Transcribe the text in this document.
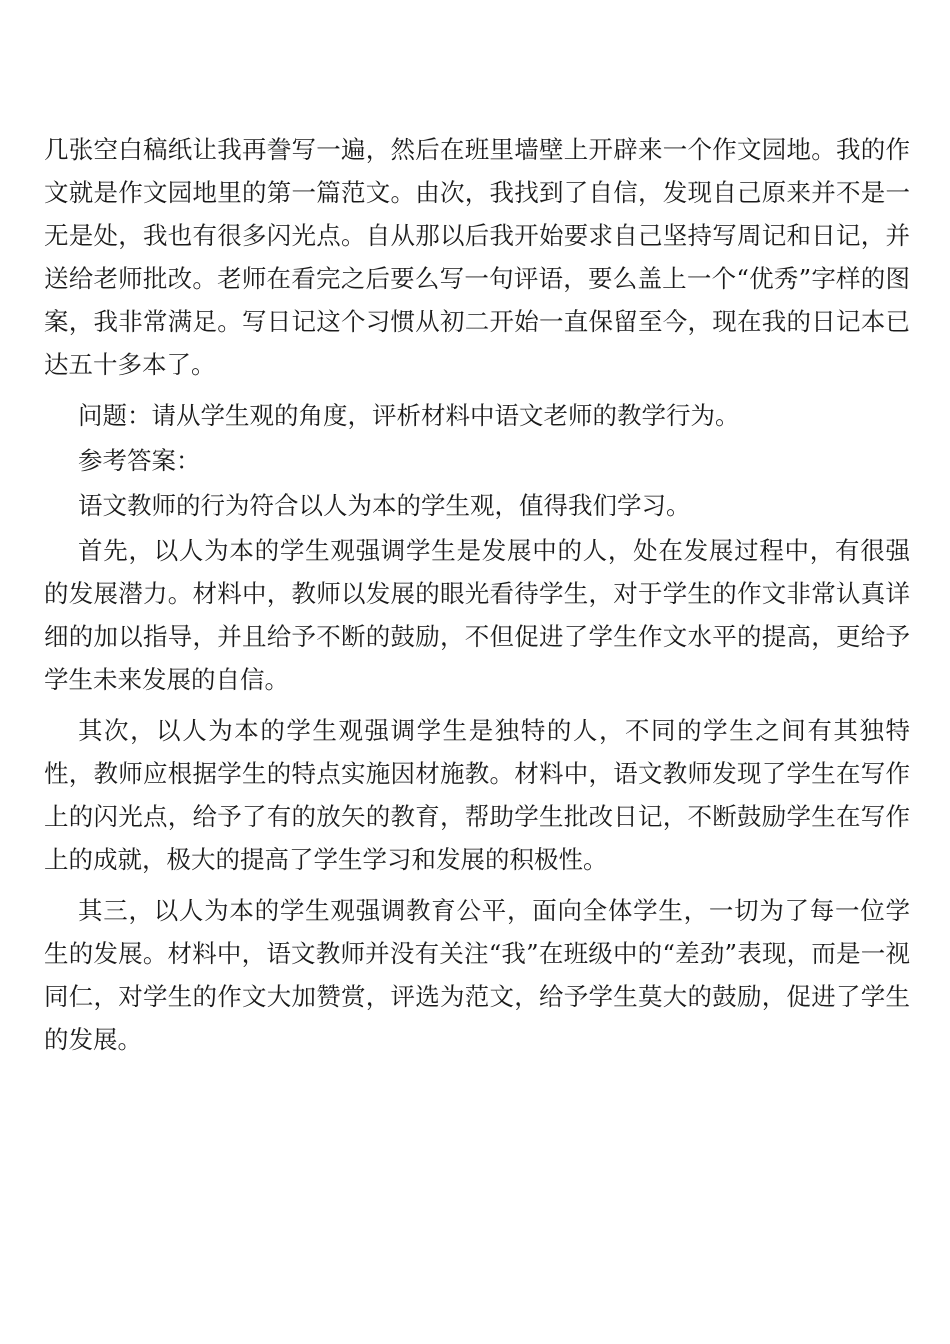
几张空白稿纸让我再誊写一遍，然后在班里墙壁上开辟来一个作文园地。我的作文就是作文园地里的第一篇范文。由次，我找到了自信，发现自己原来并不是一无是处，我也有很多闪光点。自从那以后我开始要求自己坚持写周记和日记，并送给老师批改。老师在看完之后要么写一句评语，要么盖上一个“优秀”字样的图案，我非常满足。写日记这个习惯从初二开始一直保留至今，现在我的日记本已达五十多本了。

问题：请从学生观的角度，评析材料中语文老师的教学行为。

参考答案：

语文教师的行为符合以人为本的学生观，值得我们学习。

首先，以人为本的学生观强调学生是发展中的人，处在发展过程中，有很强的发展潜力。材料中，教师以发展的眼光看待学生，对于学生的作文非常认真详细的加以指导，并且给予不断的鼓励，不但促进了学生作文水平的提高，更给予学生未来发展的自信。

其次，以人为本的学生观强调学生是独特的人，不同的学生之间有其独特性，教师应根据学生的特点实施因材施教。材料中，语文教师发现了学生在写作上的闪光点，给予了有的放矢的教育，帮助学生批改日记，不断鼓励学生在写作上的成就，极大的提高了学生学习和发展的积极性。

其三，以人为本的学生观强调教育公平，面向全体学生，一切为了每一位学生的发展。材料中，语文教师并没有关注“我”在班级中的“差劲”表现，而是一视同仁，对学生的作文大加赞赏，评选为范文，给予学生莫大的鼓励，促进了学生的发展。
